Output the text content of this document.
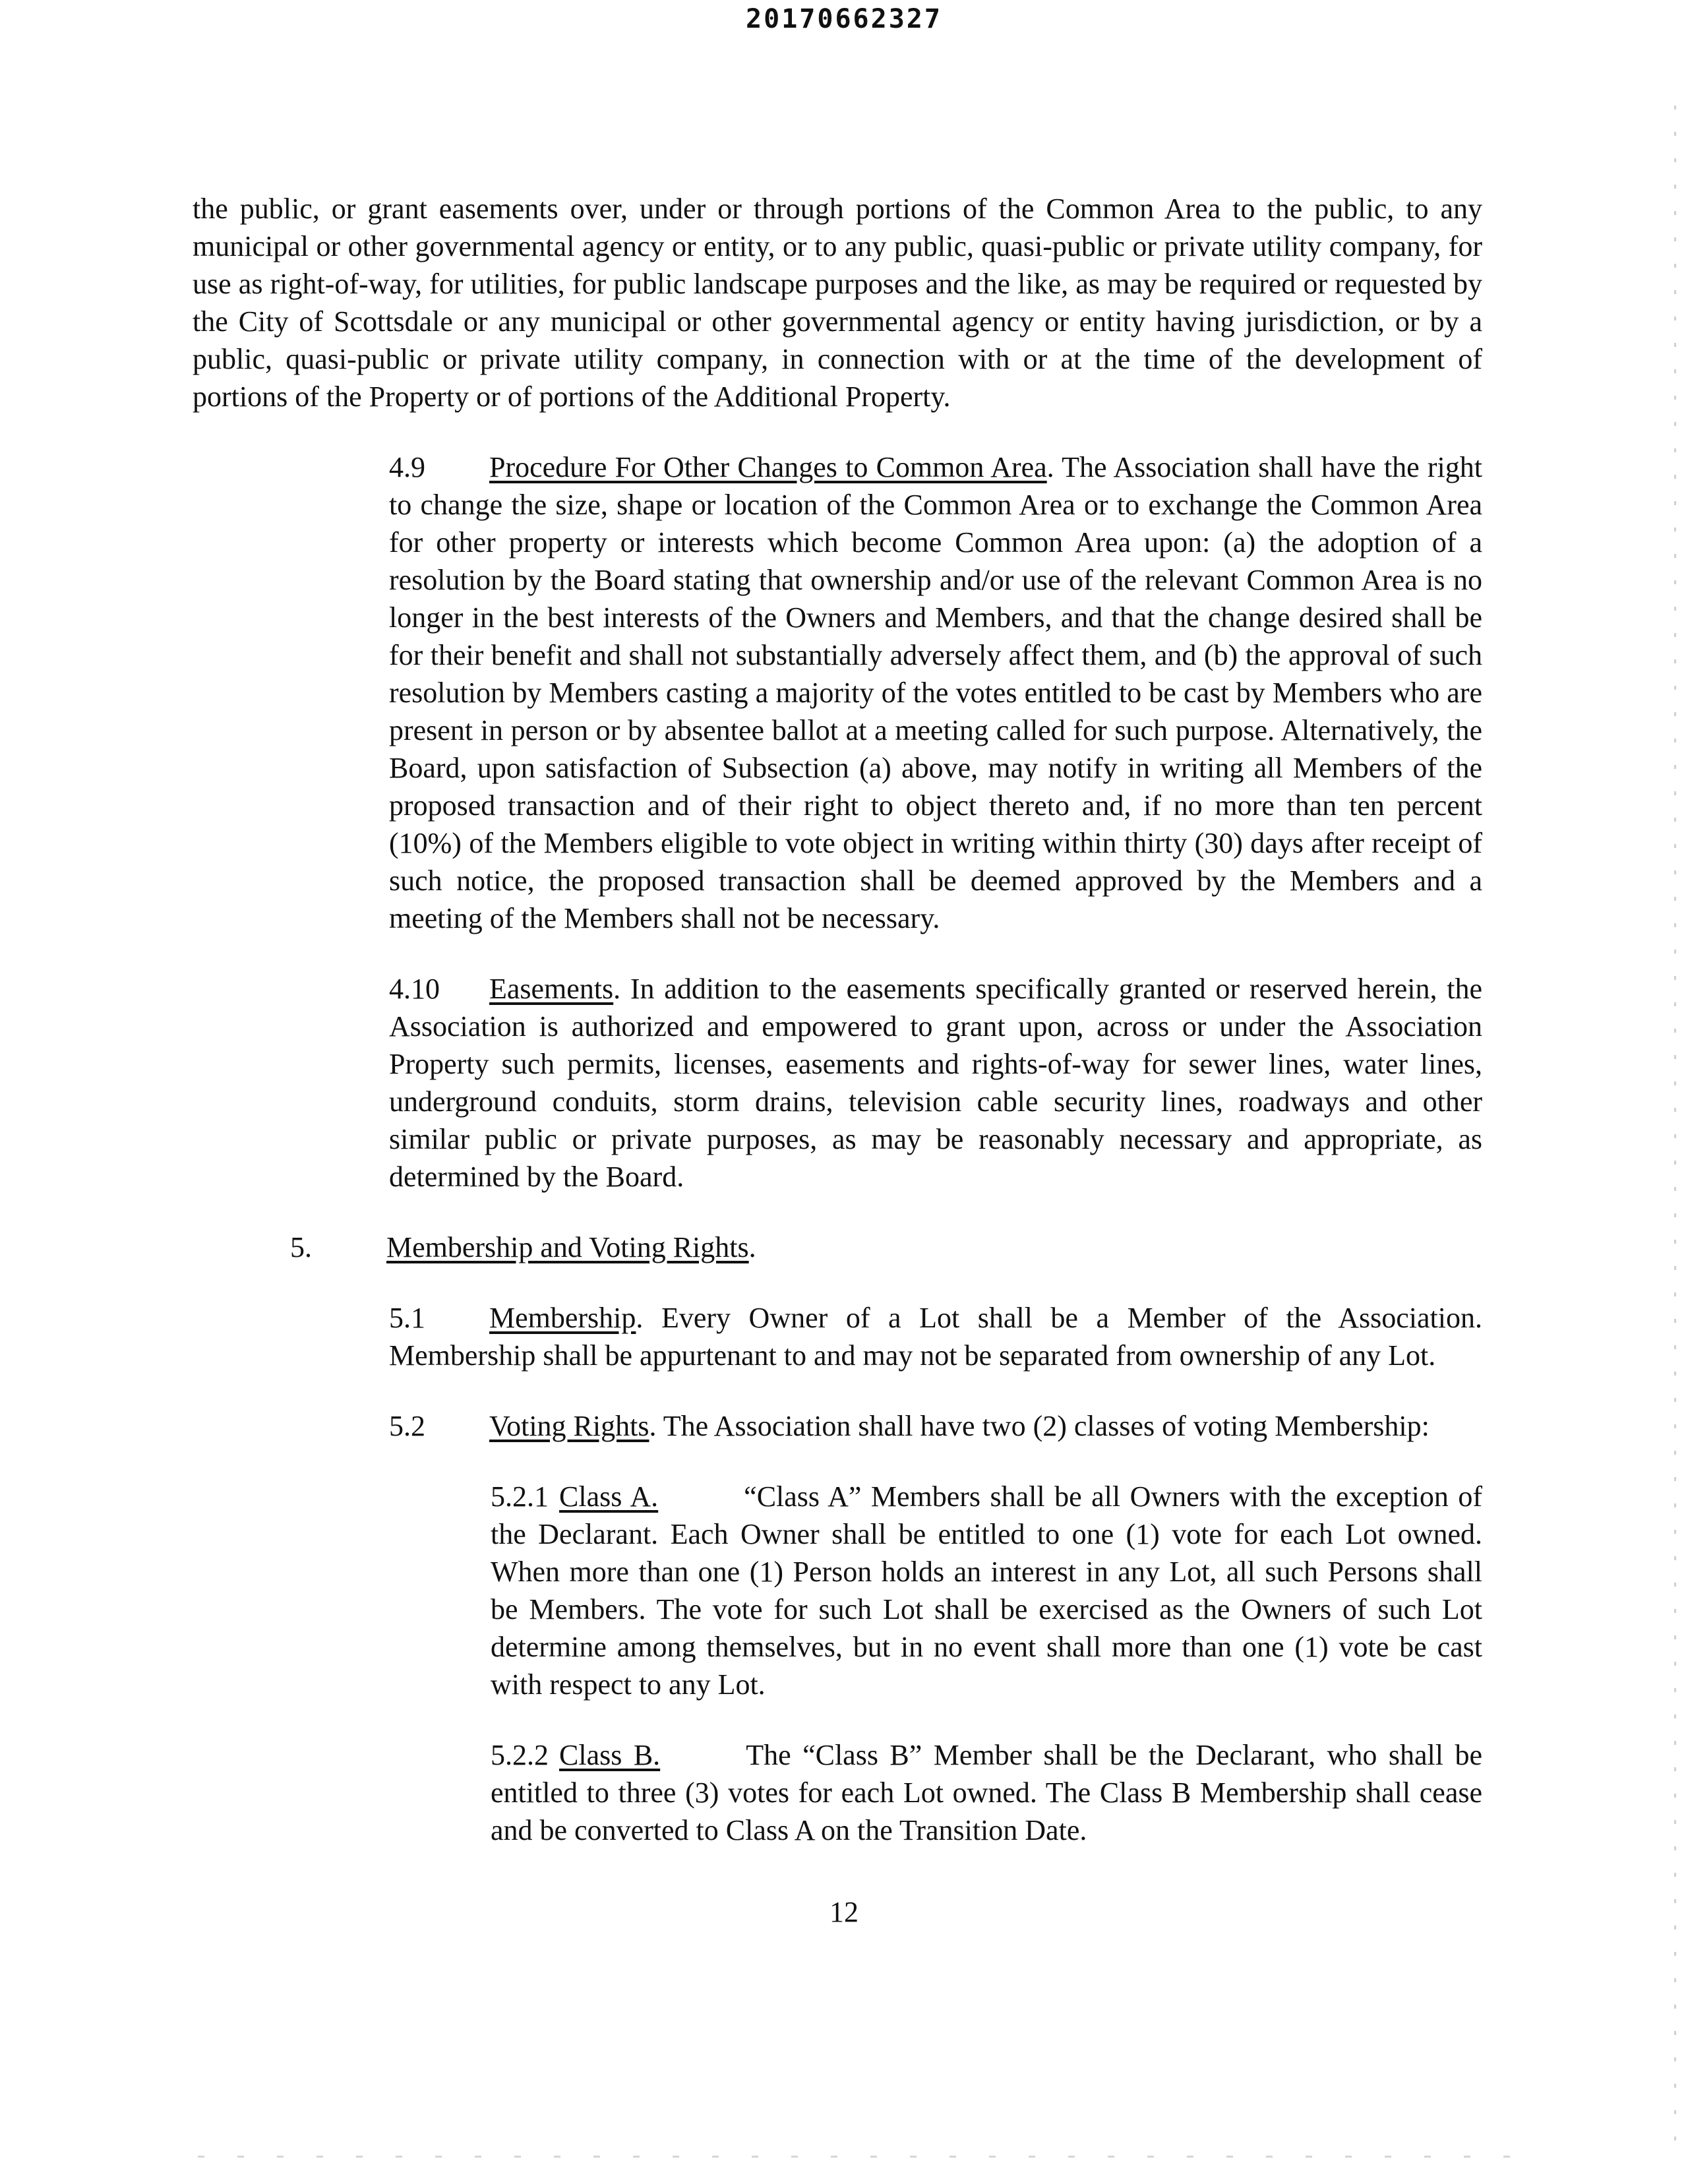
20170662327

the public, or grant easements over, under or through portions of the Common Area to the public, to any municipal or other governmental agency or entity, or to any public, quasi-public or private utility company, for use as right-of-way, for utilities, for public landscape purposes and the like, as may be required or requested by the City of Scottsdale or any municipal or other governmental agency or entity having jurisdiction, or by a public, quasi-public or private utility company, in connection with or at the time of the development of portions of the Property or of portions of the Additional Property.

4.9 Procedure For Other Changes to Common Area. The Association shall have the right to change the size, shape or location of the Common Area or to exchange the Common Area for other property or interests which become Common Area upon: (a) the adoption of a resolution by the Board stating that ownership and/or use of the relevant Common Area is no longer in the best interests of the Owners and Members, and that the change desired shall be for their benefit and shall not substantially adversely affect them, and (b) the approval of such resolution by Members casting a majority of the votes entitled to be cast by Members who are present in person or by absentee ballot at a meeting called for such purpose. Alternatively, the Board, upon satisfaction of Subsection (a) above, may notify in writing all Members of the proposed transaction and of their right to object thereto and, if no more than ten percent (10%) of the Members eligible to vote object in writing within thirty (30) days after receipt of such notice, the proposed transaction shall be deemed approved by the Members and a meeting of the Members shall not be necessary.

4.10 Easements. In addition to the easements specifically granted or reserved herein, the Association is authorized and empowered to grant upon, across or under the Association Property such permits, licenses, easements and rights-of-way for sewer lines, water lines, underground conduits, storm drains, television cable security lines, roadways and other similar public or private purposes, as may be reasonably necessary and appropriate, as determined by the Board.

5.	Membership and Voting Rights.

5.1 Membership. Every Owner of a Lot shall be a Member of the Association. Membership shall be appurtenant to and may not be separated from ownership of any Lot.

5.2 Voting Rights. The Association shall have two (2) classes of voting Membership:

5.2.1 Class A.	“Class A” Members shall be all Owners with the exception of the Declarant. Each Owner shall be entitled to one (1) vote for each Lot owned. When more than one (1) Person holds an interest in any Lot, all such Persons shall be Members. The vote for such Lot shall be exercised as the Owners of such Lot determine among themselves, but in no event shall more than one (1) vote be cast with respect to any Lot.

5.2.2 Class B.	The “Class B” Member shall be the Declarant, who shall be entitled to three (3) votes for each Lot owned. The Class B Membership shall cease and be converted to Class A on the Transition Date.

12
